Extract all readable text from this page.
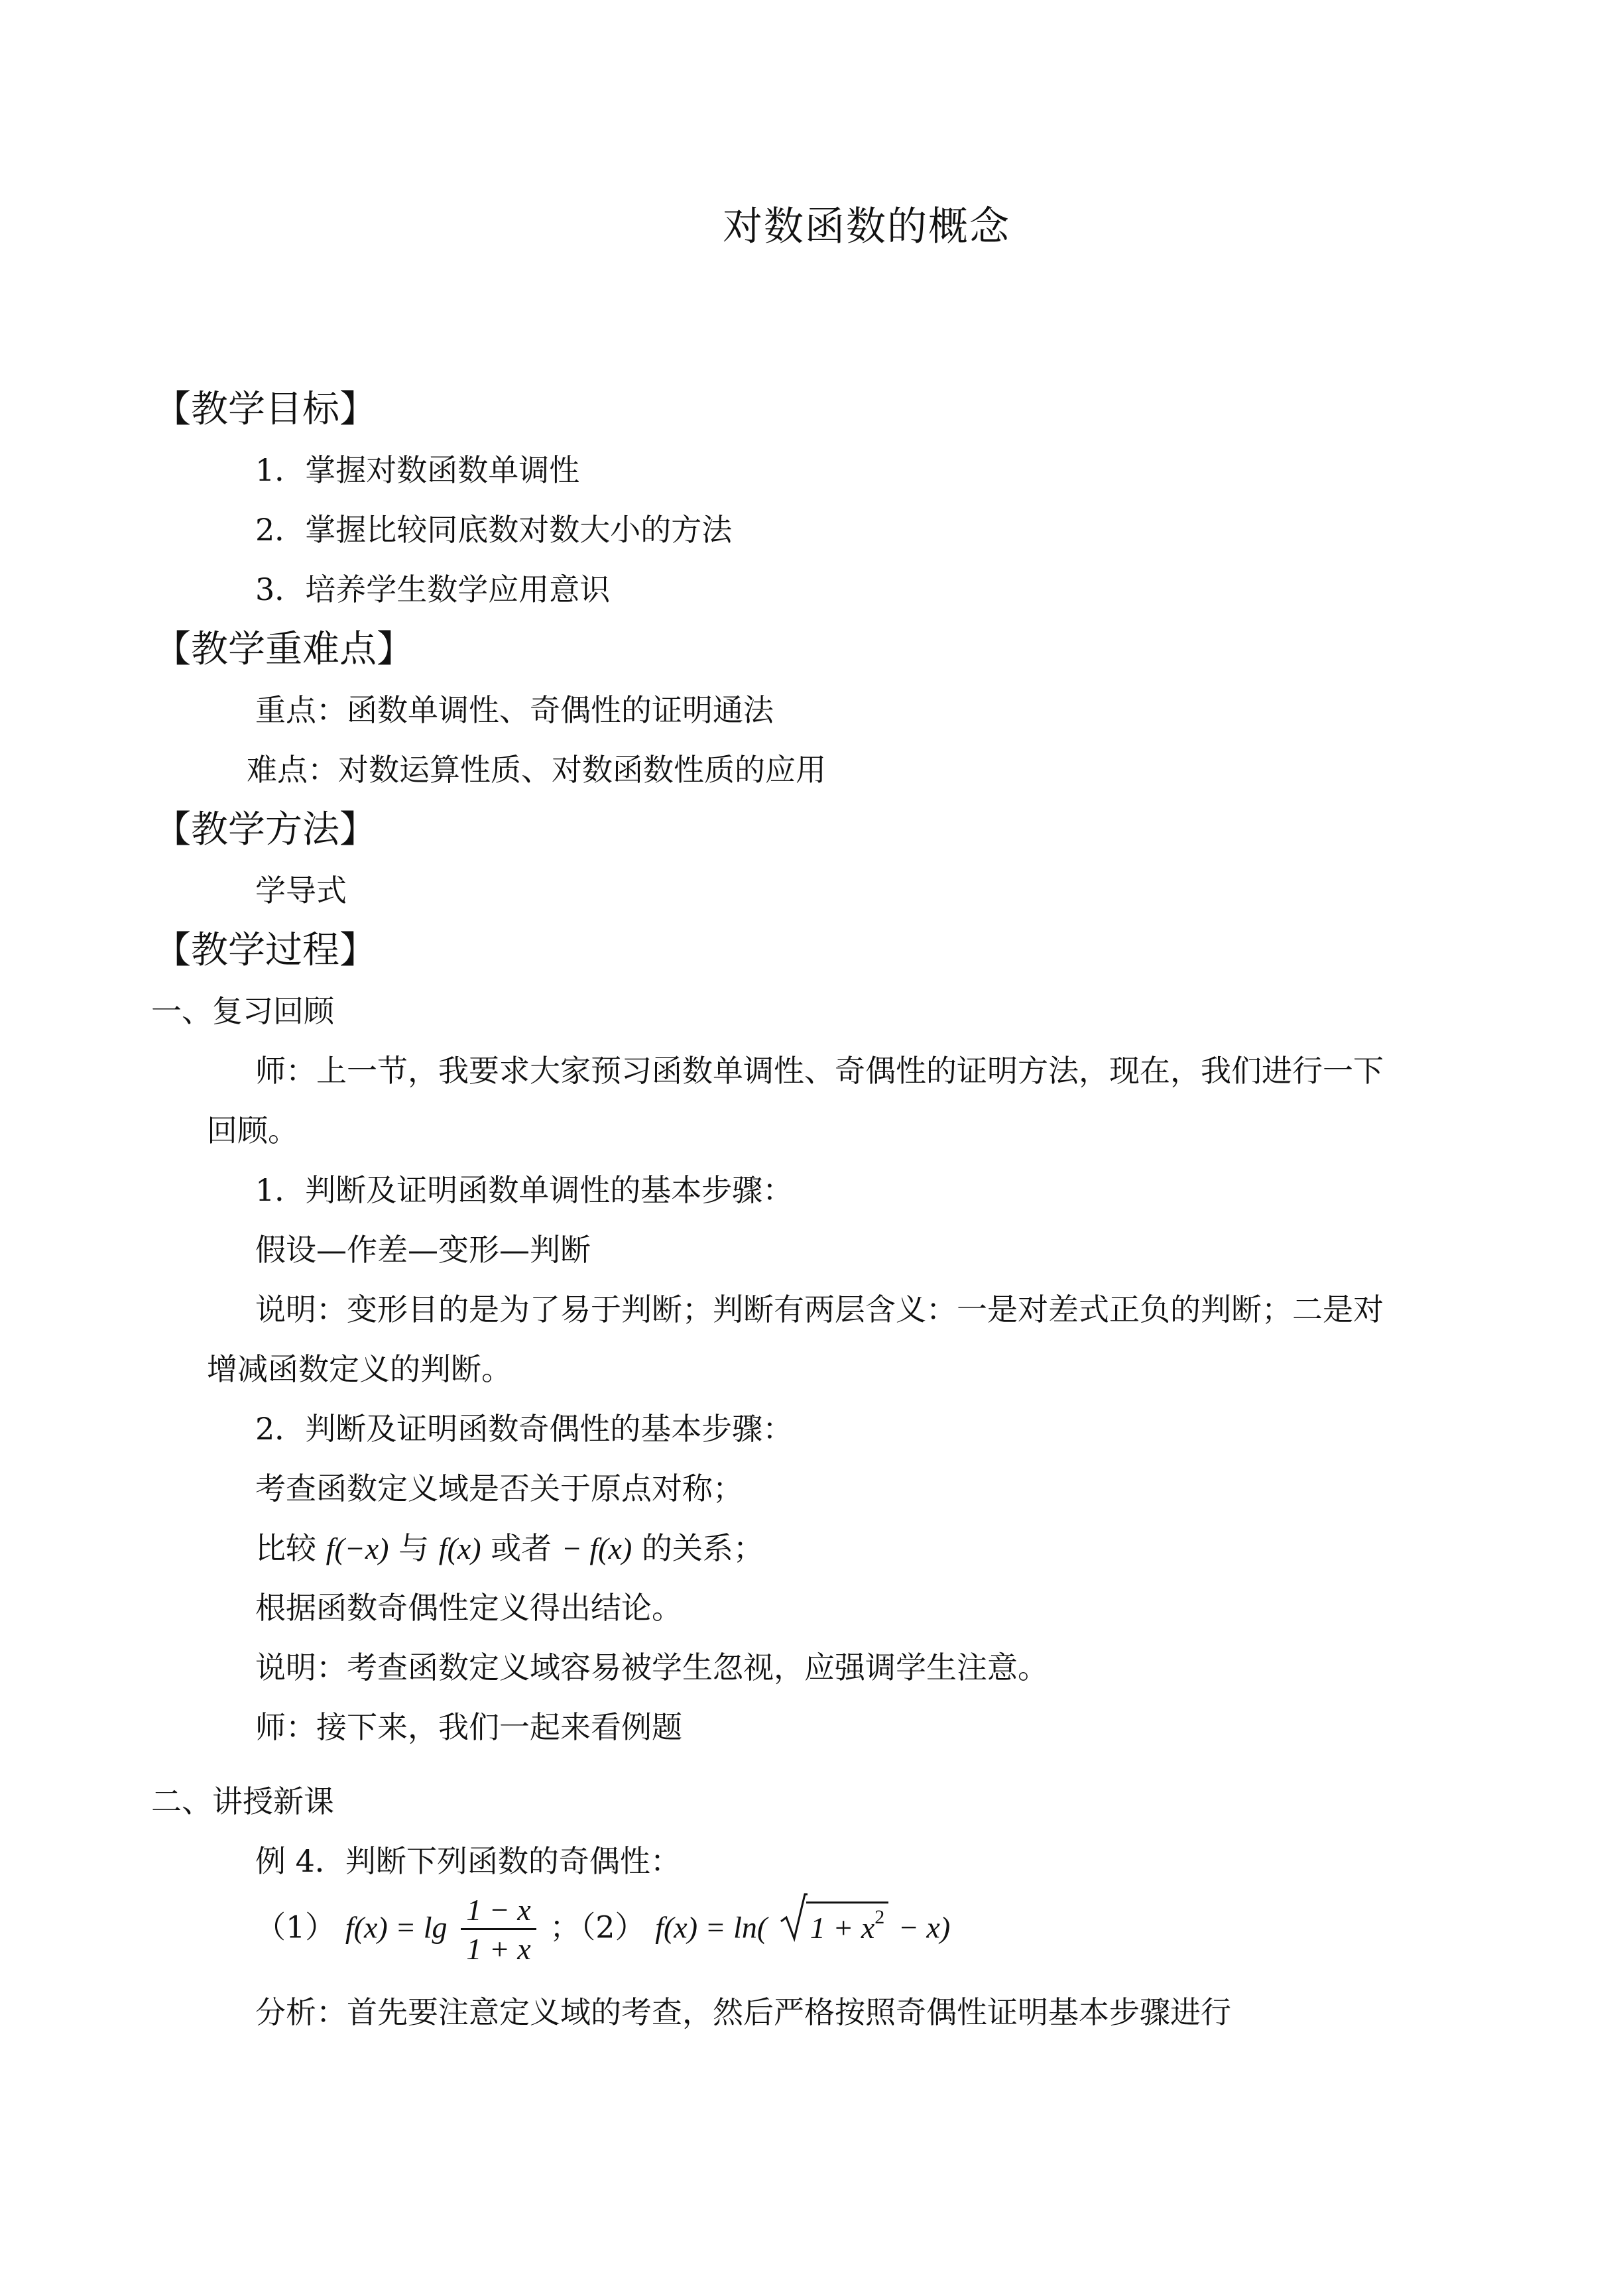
对数函数的概念
【教学目标】
1．掌握对数函数单调性
2．掌握比较同底数对数大小的方法
3．培养学生数学应用意识
【教学重难点】
重点：函数单调性、奇偶性的证明通法
难点：对数运算性质、对数函数性质的应用
【教学方法】
学导式
【教学过程】
一、复习回顾
师：上一节，我要求大家预习函数单调性、奇偶性的证明方法，现在，我们进行一下
回顾。
1．判断及证明函数单调性的基本步骤：
假设—作差—变形—判断
说明：变形目的是为了易于判断；判断有两层含义：一是对差式正负的判断；二是对
增减函数定义的判断。
2．判断及证明函数奇偶性的基本步骤：
考查函数定义域是否关于原点对称；
比较 f(−x) 与 f(x) 或者 − f(x) 的关系；
根据函数奇偶性定义得出结论。
说明：考查函数定义域容易被学生忽视，应强调学生注意。
师：接下来，我们一起来看例题
二、讲授新课
例 4．判断下列函数的奇偶性：
（1） $f(x) = \lg \frac{1 - x}{1 + x}$ ；（2） f(x) = ln( $1 + x^2 - x$)
分析：首先要注意定义域的考查，然后严格按照奇偶性证明基本步骤进行
